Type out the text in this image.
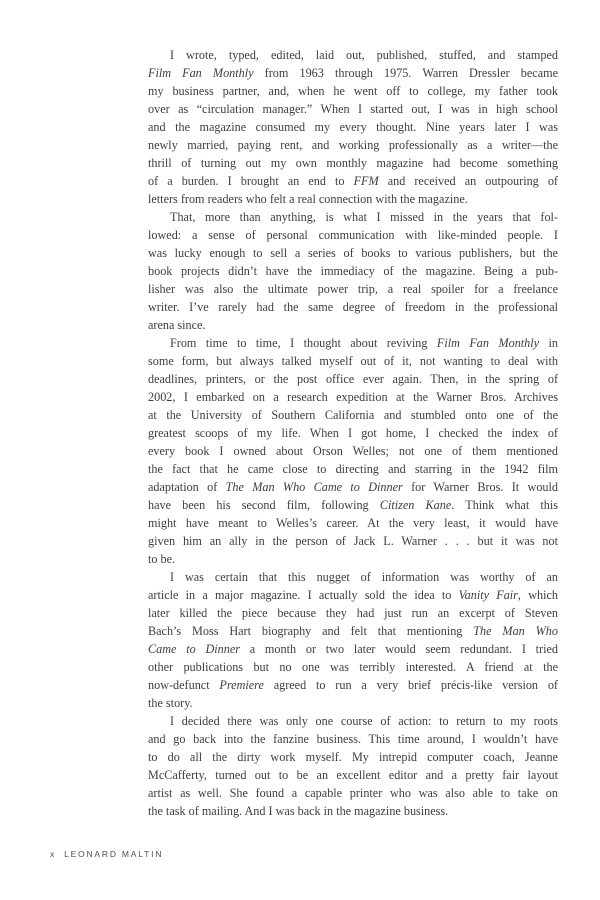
I wrote, typed, edited, laid out, published, stuffed, and stamped
Film Fan Monthly from 1963 through 1975. Warren Dressler became
my business partner, and, when he went off to college, my father took
over as “circulation manager.” When I started out, I was in high school
and the magazine consumed my every thought. Nine years later I was
newly married, paying rent, and working professionally as a writer—the
thrill of turning out my own monthly magazine had become something
of a burden. I brought an end to FFM and received an outpouring of
letters from readers who felt a real connection with the magazine.
That, more than anything, is what I missed in the years that fol-
lowed: a sense of personal communication with like-minded people. I
was lucky enough to sell a series of books to various publishers, but the
book projects didn’t have the immediacy of the magazine. Being a pub-
lisher was also the ultimate power trip, a real spoiler for a freelance
writer. I’ve rarely had the same degree of freedom in the professional
arena since.
From time to time, I thought about reviving Film Fan Monthly in
some form, but always talked myself out of it, not wanting to deal with
deadlines, printers, or the post office ever again. Then, in the spring of
2002, I embarked on a research expedition at the Warner Bros. Archives
at the University of Southern California and stumbled onto one of the
greatest scoops of my life. When I got home, I checked the index of
every book I owned about Orson Welles; not one of them mentioned
the fact that he came close to directing and starring in the 1942 film
adaptation of The Man Who Came to Dinner for Warner Bros. It would
have been his second film, following Citizen Kane. Think what this
might have meant to Welles’s career. At the very least, it would have
given him an ally in the person of Jack L. Warner . . . but it was not
to be.
I was certain that this nugget of information was worthy of an
article in a major magazine. I actually sold the idea to Vanity Fair, which
later killed the piece because they had just run an excerpt of Steven
Bach’s Moss Hart biography and felt that mentioning The Man Who
Came to Dinner a month or two later would seem redundant. I tried
other publications but no one was terribly interested. A friend at the
now-defunct Premiere agreed to run a very brief précis-like version of
the story.
I decided there was only one course of action: to return to my roots
and go back into the fanzine business. This time around, I wouldn’t have
to do all the dirty work myself. My intrepid computer coach, Jeanne
McCafferty, turned out to be an excellent editor and a pretty fair layout
artist as well. She found a capable printer who was also able to take on
the task of mailing. And I was back in the magazine business.
x LEONARD MALTIN
